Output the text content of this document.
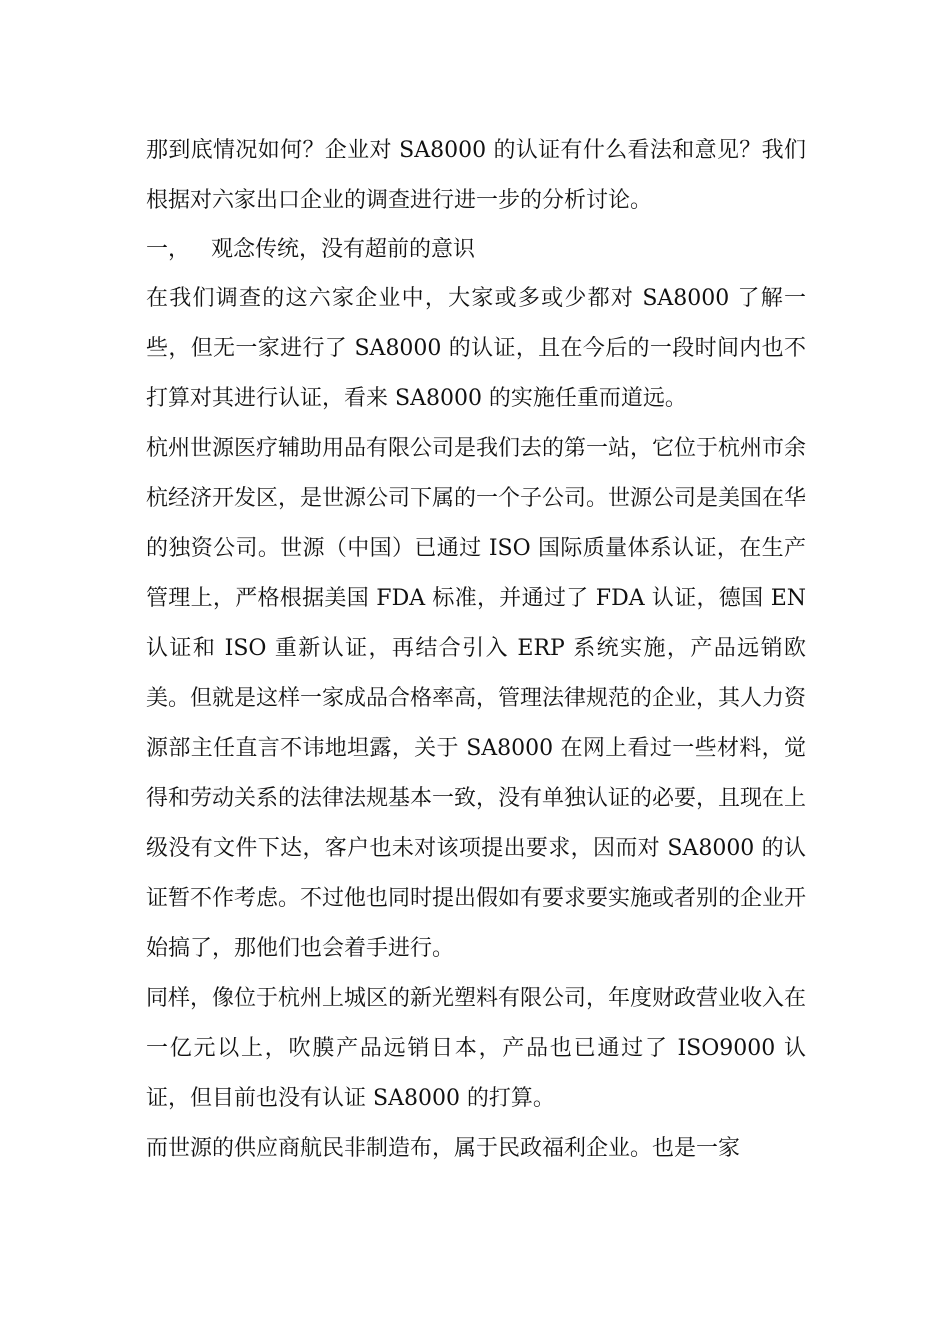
那到底情况如何？企业对 SA8000 的认证有什么看法和意见？我们根据对六家出口企业的调查进行进一步的分析讨论。

一，   观念传统，没有超前的意识

在我们调查的这六家企业中，大家或多或少都对 SA8000 了解一些，但无一家进行了 SA8000 的认证，且在今后的一段时间内也不打算对其进行认证，看来 SA8000 的实施任重而道远。

杭州世源医疗辅助用品有限公司是我们去的第一站，它位于杭州市余杭经济开发区，是世源公司下属的一个子公司。世源公司是美国在华的独资公司。世源（中国）已通过 ISO 国际质量体系认证，在生产管理上，严格根据美国 FDA 标准，并通过了 FDA 认证，德国 EN 认证和 ISO 重新认证，再结合引入 ERP 系统实施，产品远销欧美。但就是这样一家成品合格率高，管理法律规范的企业，其人力资源部主任直言不讳地坦露，关于 SA8000 在网上看过一些材料，觉得和劳动关系的法律法规基本一致，没有单独认证的必要，且现在上级没有文件下达，客户也未对该项提出要求，因而对 SA8000 的认证暂不作考虑。不过他也同时提出假如有要求要实施或者别的企业开始搞了，那他们也会着手进行。

同样，像位于杭州上城区的新光塑料有限公司，年度财政营业收入在一亿元以上，吹膜产品远销日本，产品也已通过了 ISO9000 认证，但目前也没有认证 SA8000 的打算。

而世源的供应商航民非制造布，属于民政福利企业。也是一家
